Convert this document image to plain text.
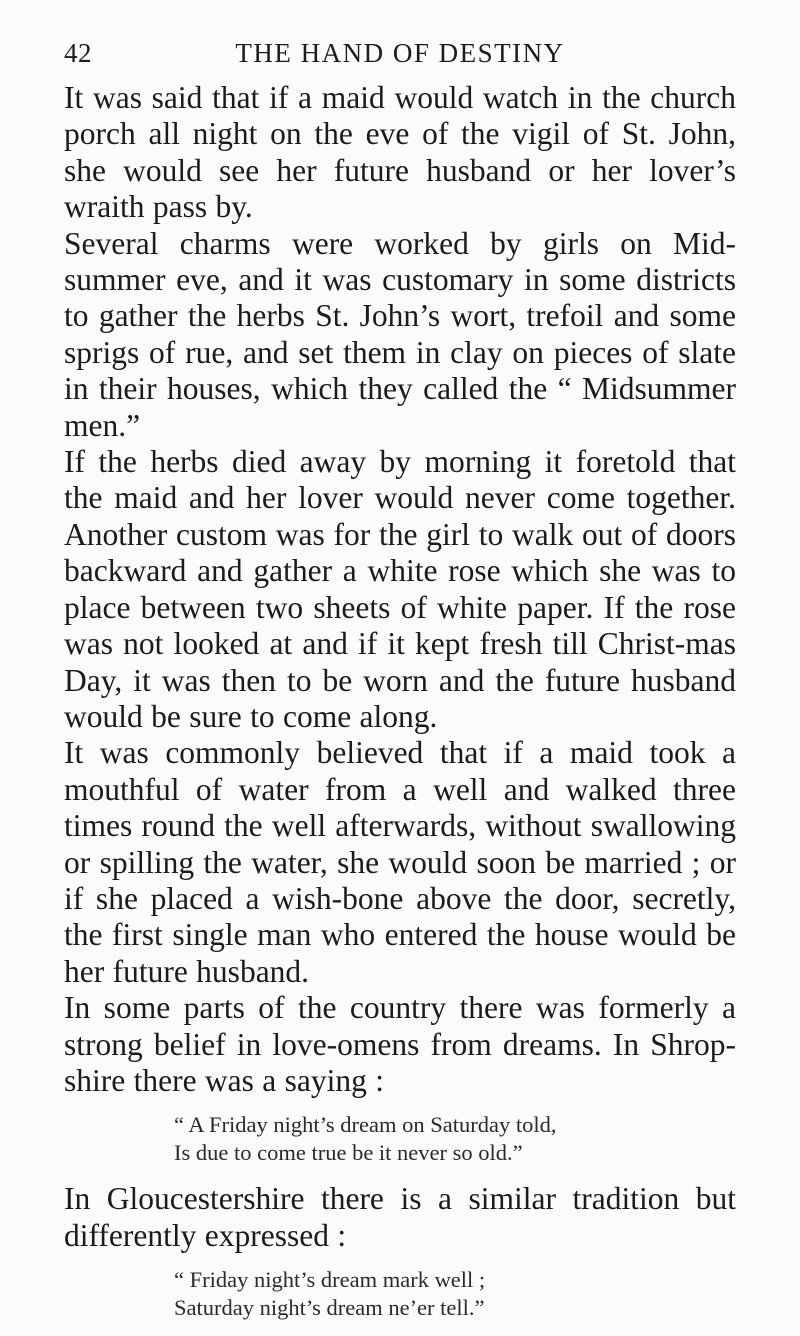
42	THE HAND OF DESTINY

It was said that if a maid would watch in the church porch all night on the eve of the vigil of St. John, she would see her future husband or her lover’s wraith pass by.

Several charms were worked by girls on Mid-summer eve, and it was customary in some districts to gather the herbs St. John’s wort, trefoil and some sprigs of rue, and set them in clay on pieces of slate in their houses, which they called the “ Midsummer men.”

If the herbs died away by morning it foretold that the maid and her lover would never come together. Another custom was for the girl to walk out of doors backward and gather a white rose which she was to place between two sheets of white paper. If the rose was not looked at and if it kept fresh till Christ-mas Day, it was then to be worn and the future husband would be sure to come along.

It was commonly believed that if a maid took a mouthful of water from a well and walked three times round the well afterwards, without swallowing or spilling the water, she would soon be married ; or if she placed a wish-bone above the door, secretly, the first single man who entered the house would be her future husband.

In some parts of the country there was formerly a strong belief in love-omens from dreams. In Shrop-shire there was a saying :

“ A Friday night’s dream on Saturday told,
Is due to come true be it never so old.”

In Gloucestershire there is a similar tradition but differently expressed :

“ Friday night’s dream mark well ;
Saturday night’s dream ne’er tell.”
